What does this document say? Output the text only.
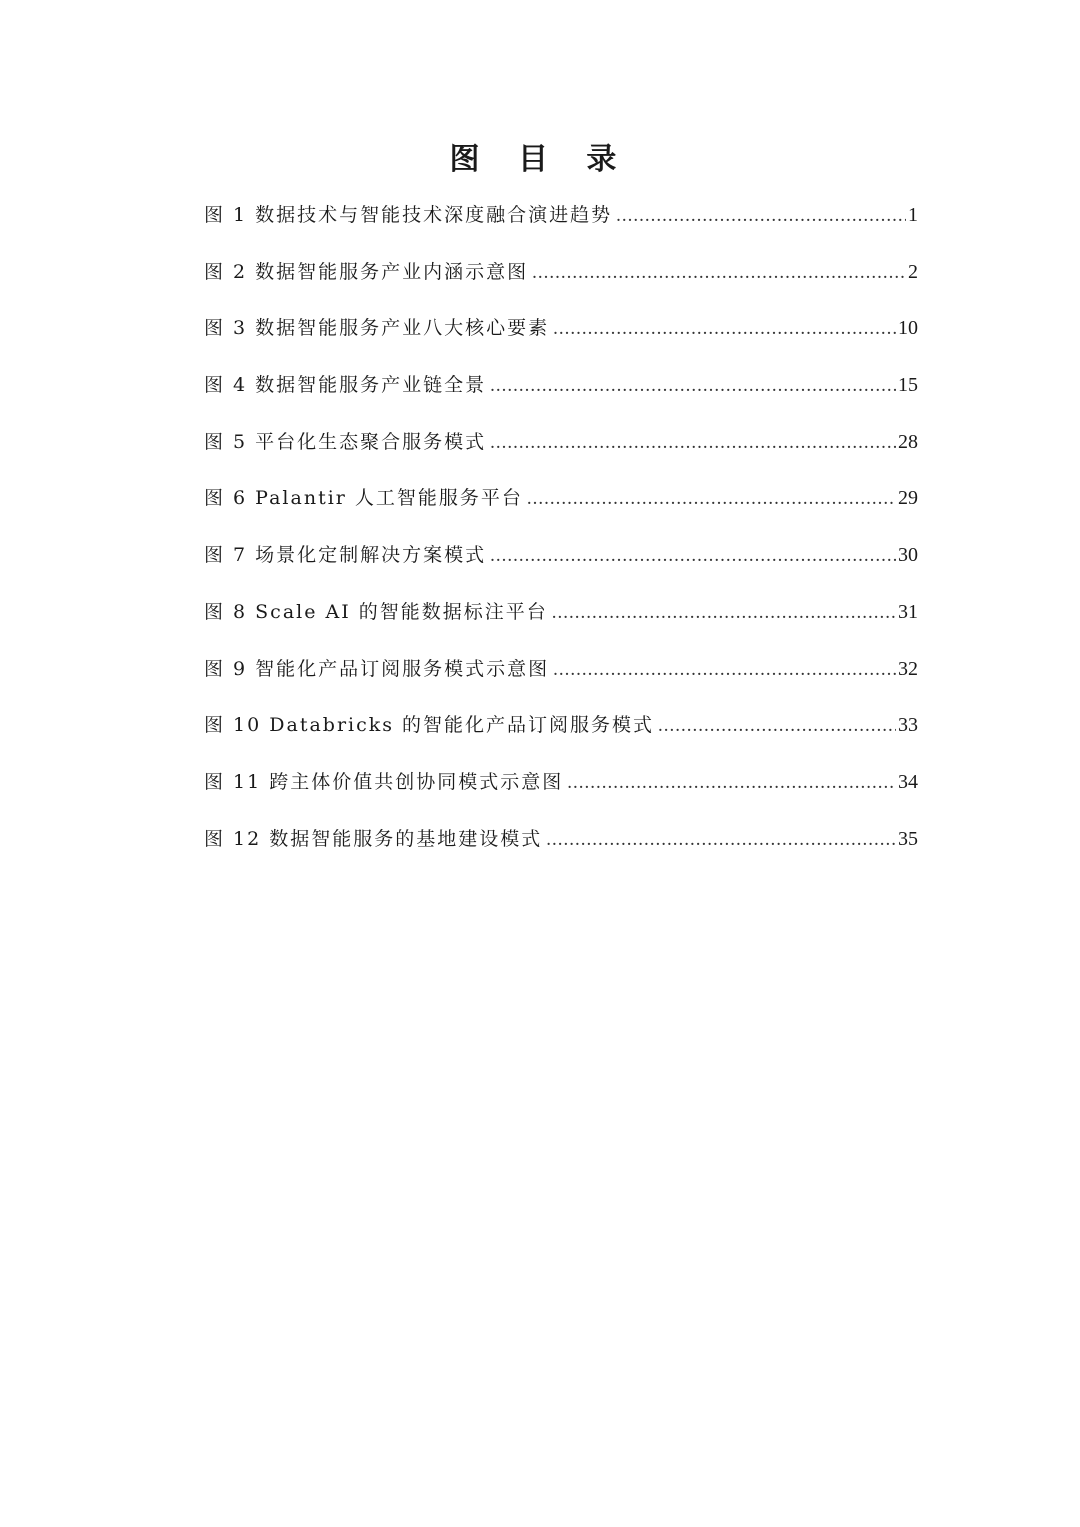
图 目 录
图 1 数据技术与智能技术深度融合演进趋势 .....	1
图 2 数据智能服务产业内涵示意图 .....	2
图 3 数据智能服务产业八大核心要素 .....	10
图 4 数据智能服务产业链全景 .....	15
图 5 平台化生态聚合服务模式 .....	28
图 6 Palantir 人工智能服务平台 .....	29
图 7 场景化定制解决方案模式 .....	30
图 8 Scale AI 的智能数据标注平台 .....	31
图 9 智能化产品订阅服务模式示意图 .....	32
图 10 Databricks 的智能化产品订阅服务模式 .....	33
图 11 跨主体价值共创协同模式示意图 .....	34
图 12 数据智能服务的基地建设模式 .....	35
